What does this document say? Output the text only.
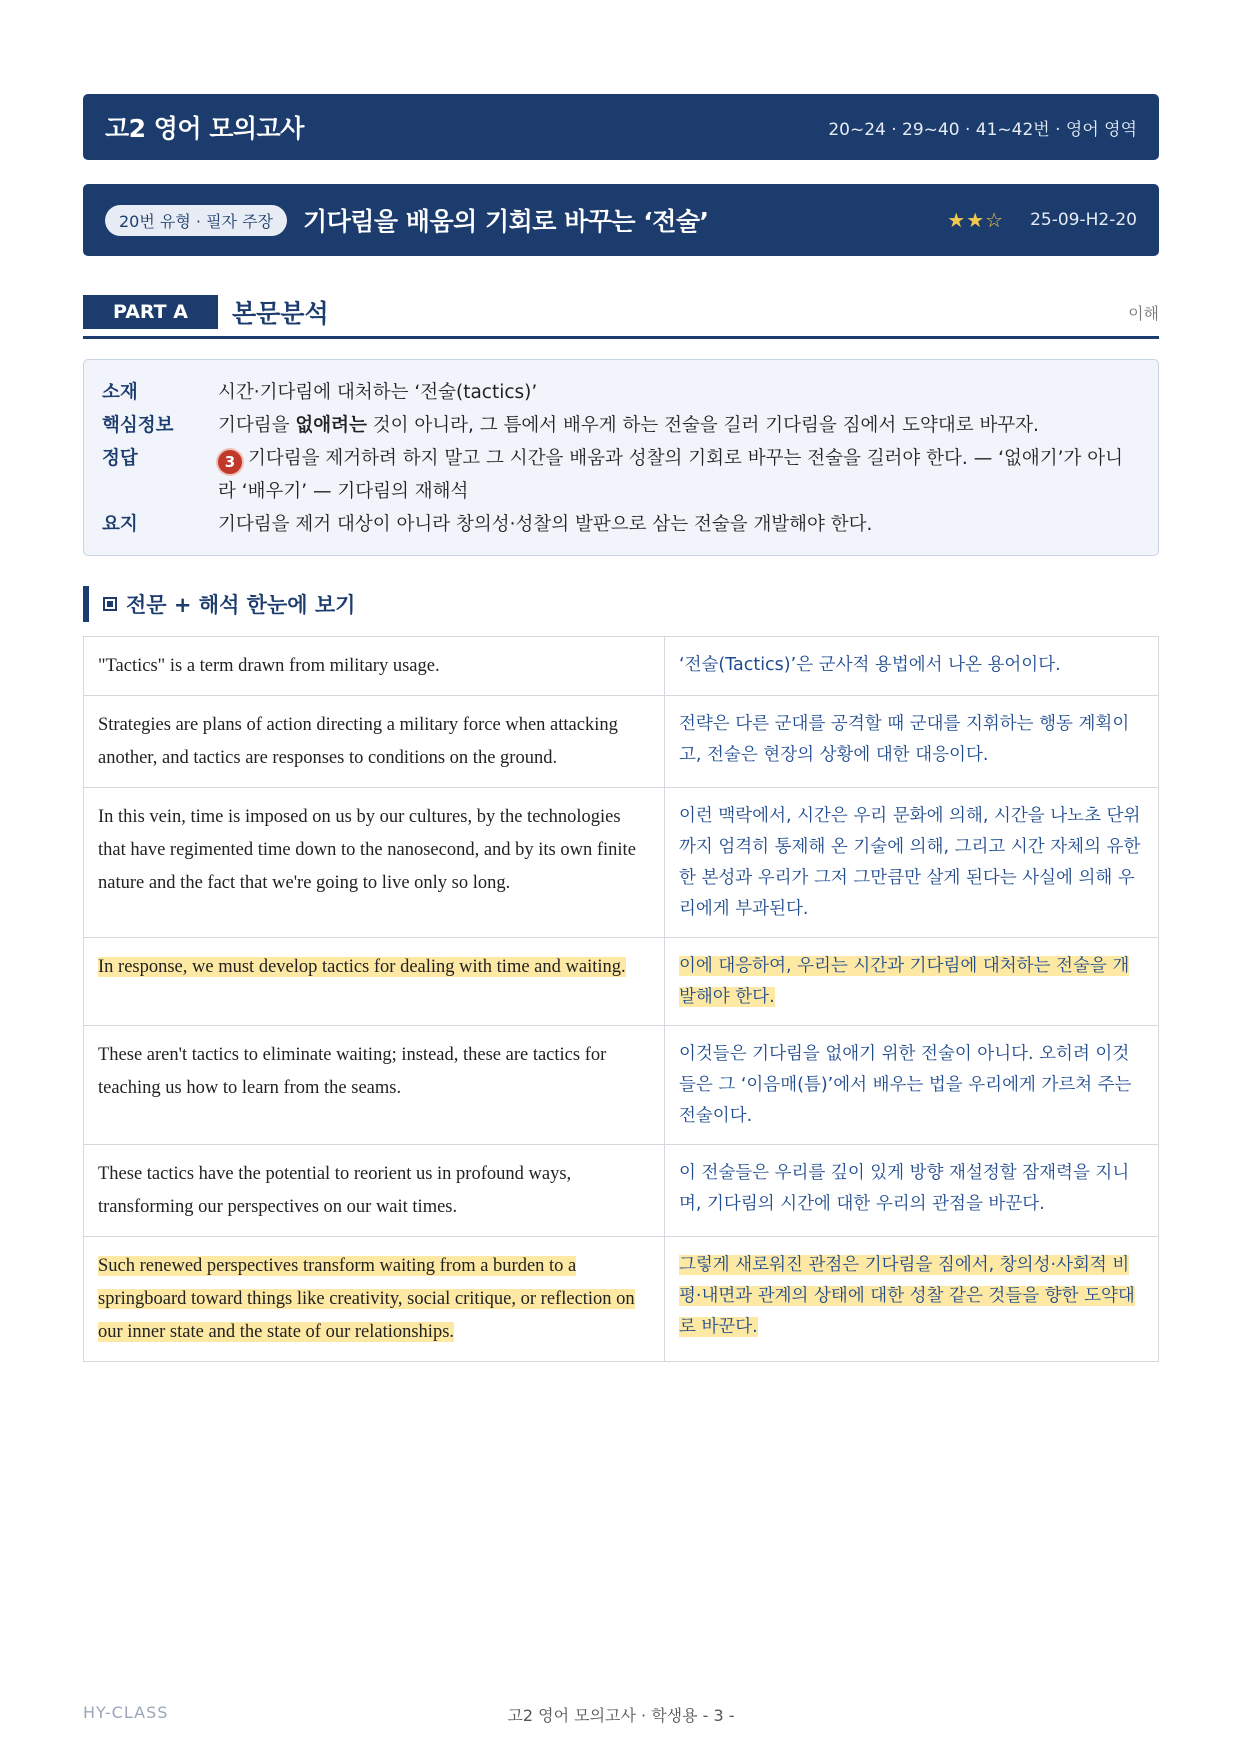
고2 영어 모의고사	20~24 · 29~40 · 41~42번 · 영어 영역
20번 유형 · 필자 주장	기다림을 배움의 기회로 바꾸는 ‘전술’	★★☆ 25-09-H2-20
PART A	본문분석	이해
소재	시간·기다림에 대처하는 ‘전술(tactics)’
핵심정보	기다림을 없애려는 것이 아니라, 그 틈에서 배우게 하는 전술을 길러 기다림을 짐에서 도약대로 바꾸자.
정답	3 기다림을 제거하려 하지 말고 그 시간을 배움과 성찰의 기회로 바꾸는 전술을 길러야 한다. — ‘없애기’가 아니라 ‘배우기’ — 기다림의 재해석
요지	기다림을 제거 대상이 아니라 창의성·성찰의 발판으로 삼는 전술을 개발해야 한다.
전문 + 해석 한눈에 보기
"Tactics" is a term drawn from military usage.	‘전술(Tactics)’은 군사적 용법에서 나온 용어이다.
Strategies are plans of action directing a military force when attacking another, and tactics are responses to conditions on the ground.	전략은 다른 군대를 공격할 때 군대를 지휘하는 행동 계획이고, 전술은 현장의 상황에 대한 대응이다.
In this vein, time is imposed on us by our cultures, by the technologies that have regimented time down to the nanosecond, and by its own finite nature and the fact that we're going to live only so long.	이런 맥락에서, 시간은 우리 문화에 의해, 시간을 나노초 단위까지 엄격히 통제해 온 기술에 의해, 그리고 시간 자체의 유한한 본성과 우리가 그저 그만큼만 살게 된다는 사실에 의해 우리에게 부과된다.
In response, we must develop tactics for dealing with time and waiting.	이에 대응하여, 우리는 시간과 기다림에 대처하는 전술을 개발해야 한다.
These aren't tactics to eliminate waiting; instead, these are tactics for teaching us how to learn from the seams.	이것들은 기다림을 없애기 위한 전술이 아니다. 오히려 이것들은 그 ‘이음매(틈)’에서 배우는 법을 우리에게 가르쳐 주는 전술이다.
These tactics have the potential to reorient us in profound ways, transforming our perspectives on our wait times.	이 전술들은 우리를 깊이 있게 방향 재설정할 잠재력을 지니며, 기다림의 시간에 대한 우리의 관점을 바꾼다.
Such renewed perspectives transform waiting from a burden to a springboard toward things like creativity, social critique, or reflection on our inner state and the state of our relationships.	그렇게 새로워진 관점은 기다림을 짐에서, 창의성·사회적 비평·내면과 관계의 상태에 대한 성찰 같은 것들을 향한 도약대로 바꾼다.
HY-CLASS	고2 영어 모의고사 · 학생용 - 3 -
